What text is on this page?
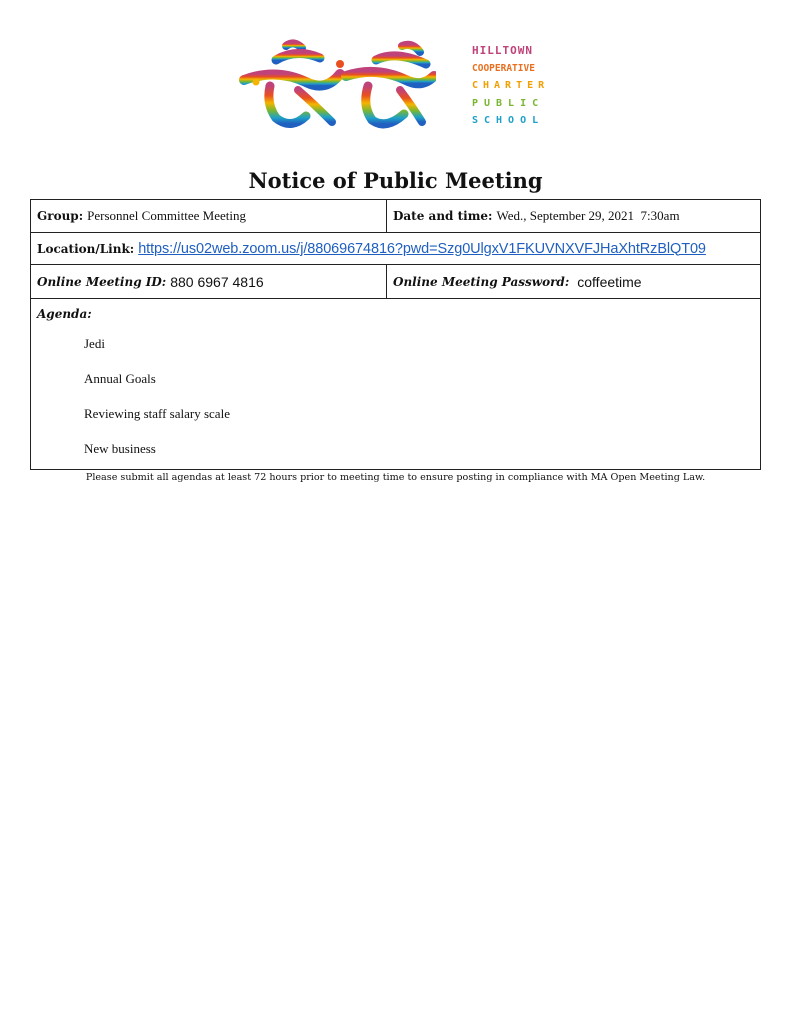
HILLTOWN
COOPERATIVE
CHARTER
PUBLIC
SCHOOL
Notice of Public Meeting
Group: Personnel Committee Meeting	Date and time: Wed., September 29, 2021  7:30am
Location/Link: https://us02web.zoom.us/j/88069674816?pwd=Szg0UlgxV1FKUVNXVFJHaXhtRzBlQT09
Online Meeting ID: 880 6967 4816	Online Meeting Password: coffeetime
Agenda:
Jedi
Annual Goals
Reviewing staff salary scale
New business

Please submit all agendas at least 72 hours prior to meeting time to ensure posting in compliance with MA Open Meeting Law.
